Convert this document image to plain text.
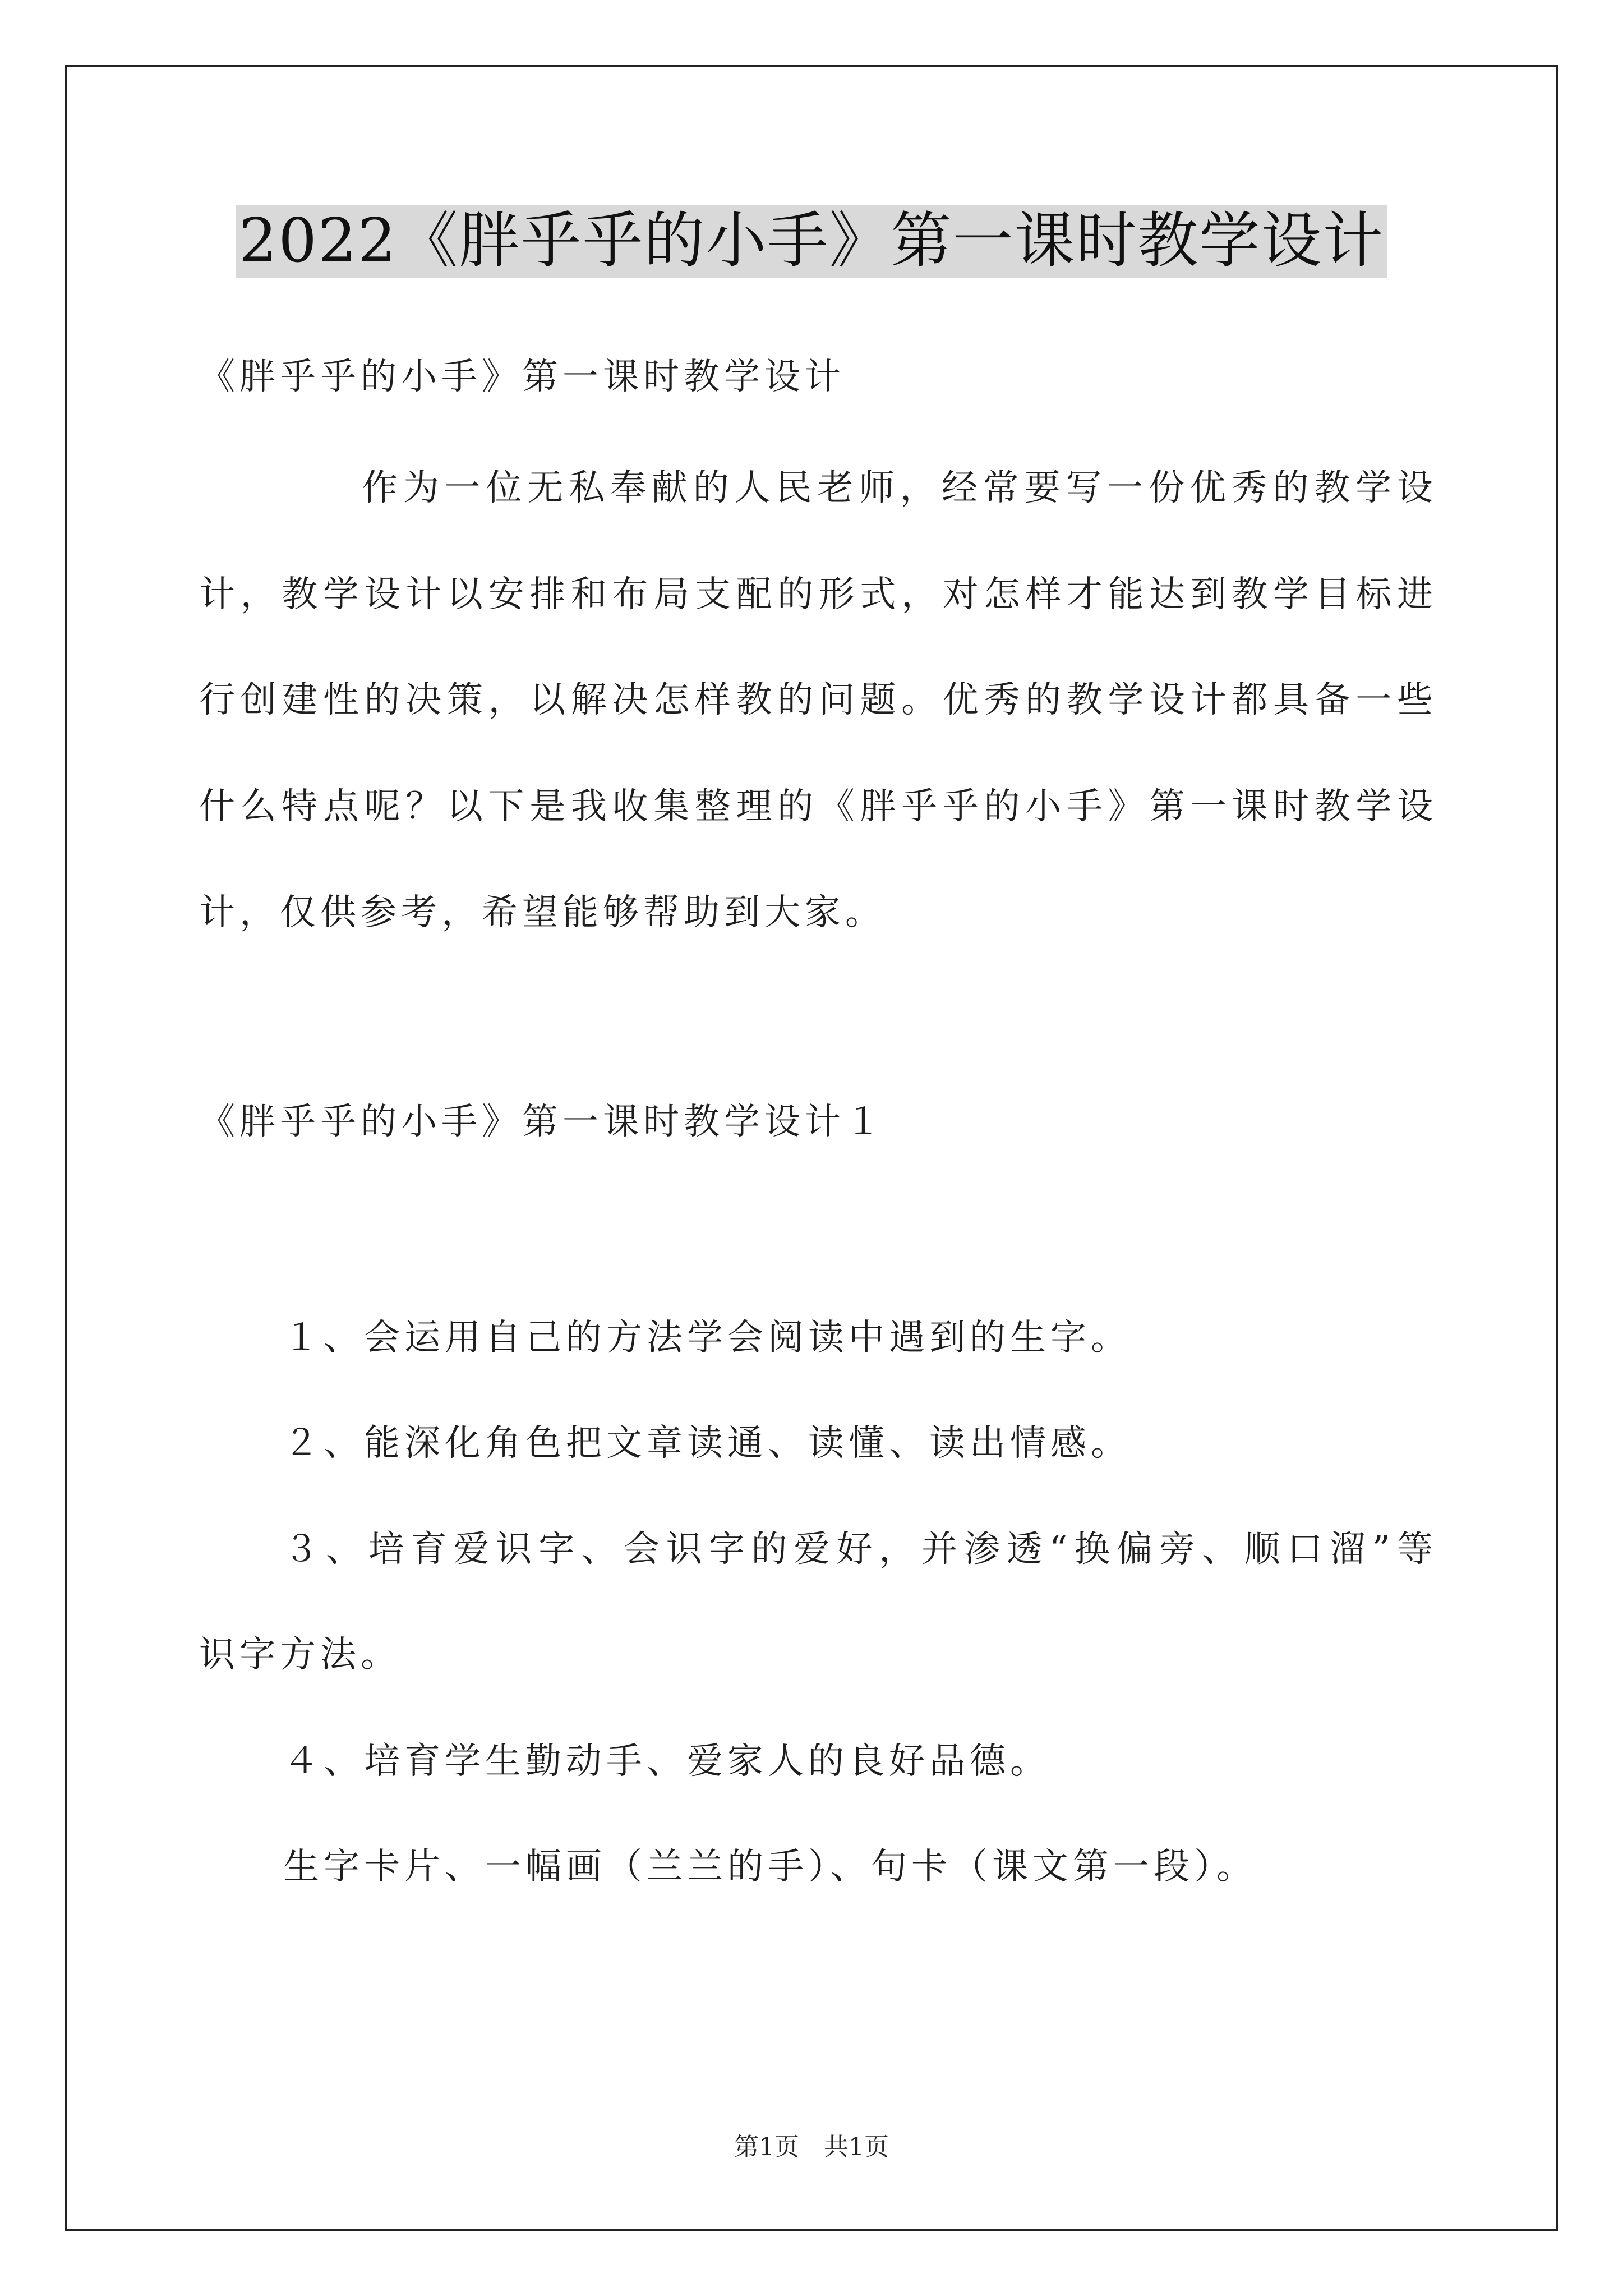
2022《胖乎乎的小手》第一课时教学设计
《胖乎乎的小手》第一课时教学设计
作为一位无私奉献的人民老师，经常要写一份优秀的教学设
计，教学设计以安排和布局支配的形式，对怎样才能达到教学目标进
行创建性的决策，以解决怎样教的问题。优秀的教学设计都具备一些
什么特点呢？以下是我收集整理的《胖乎乎的小手》第一课时教学设
计，仅供参考，希望能够帮助到大家。
《胖乎乎的小手》第一课时教学设计１
１、会运用自己的方法学会阅读中遇到的生字。
２、能深化角色把文章读通、读懂、读出情感。
３、培育爱识字、会识字的爱好，并渗透“换偏旁、顺口溜”等
识字方法。
４、培育学生勤动手、爱家人的良好品德。
生字卡片、一幅画（兰兰的手）、句卡（课文第一段）。
第1页　共1页
